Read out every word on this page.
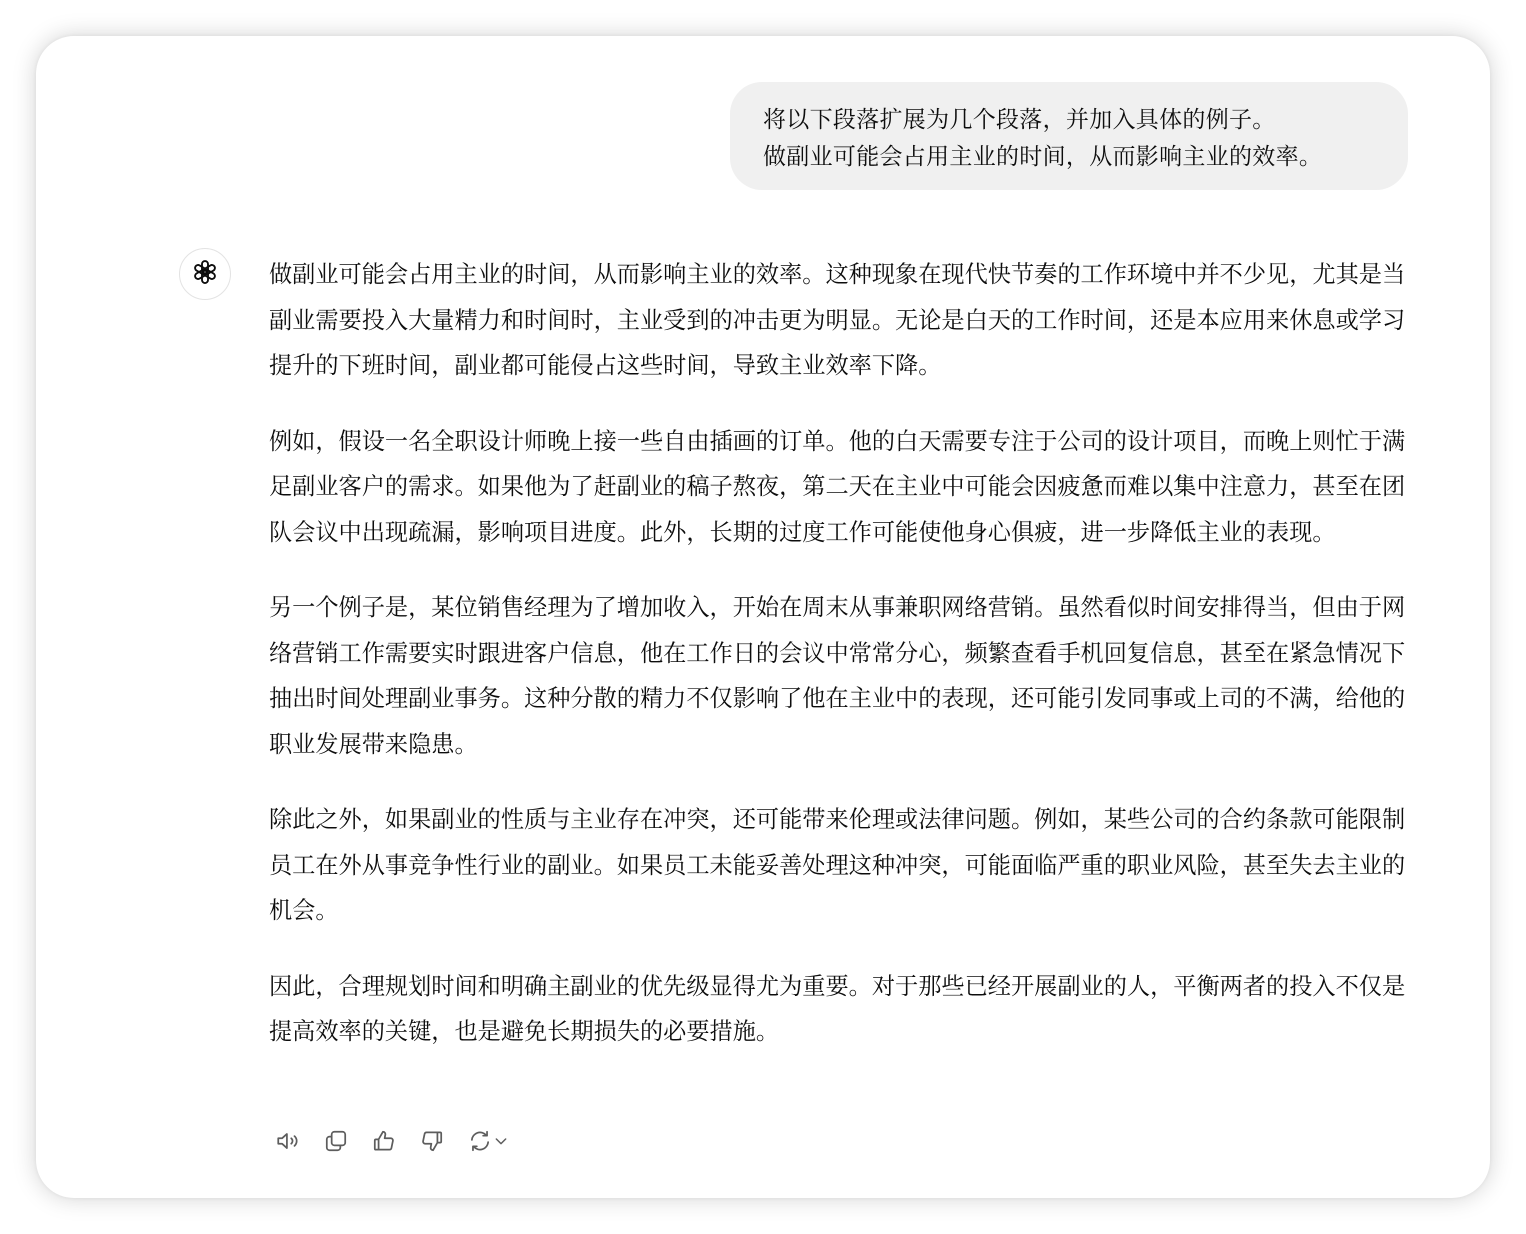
将以下段落扩展为几个段落，并加入具体的例子。
做副业可能会占用主业的时间，从而影响主业的效率。

做副业可能会占用主业的时间，从而影响主业的效率。这种现象在现代快节奏的工作环境中并不少见，尤其是当副业需要投入大量精力和时间时，主业受到的冲击更为明显。无论是白天的工作时间，还是本应用来休息或学习提升的下班时间，副业都可能侵占这些时间，导致主业效率下降。

例如，假设一名全职设计师晚上接一些自由插画的订单。他的白天需要专注于公司的设计项目，而晚上则忙于满足副业客户的需求。如果他为了赶副业的稿子熬夜，第二天在主业中可能会因疲惫而难以集中注意力，甚至在团队会议中出现疏漏，影响项目进度。此外，长期的过度工作可能使他身心俱疲，进一步降低主业的表现。

另一个例子是，某位销售经理为了增加收入，开始在周末从事兼职网络营销。虽然看似时间安排得当，但由于网络营销工作需要实时跟进客户信息，他在工作日的会议中常常分心，频繁查看手机回复信息，甚至在紧急情况下抽出时间处理副业事务。这种分散的精力不仅影响了他在主业中的表现，还可能引发同事或上司的不满，给他的职业发展带来隐患。

除此之外，如果副业的性质与主业存在冲突，还可能带来伦理或法律问题。例如，某些公司的合约条款可能限制员工在外从事竞争性行业的副业。如果员工未能妥善处理这种冲突，可能面临严重的职业风险，甚至失去主业的机会。

因此，合理规划时间和明确主副业的优先级显得尤为重要。对于那些已经开展副业的人，平衡两者的投入不仅是提高效率的关键，也是避免长期损失的必要措施。
